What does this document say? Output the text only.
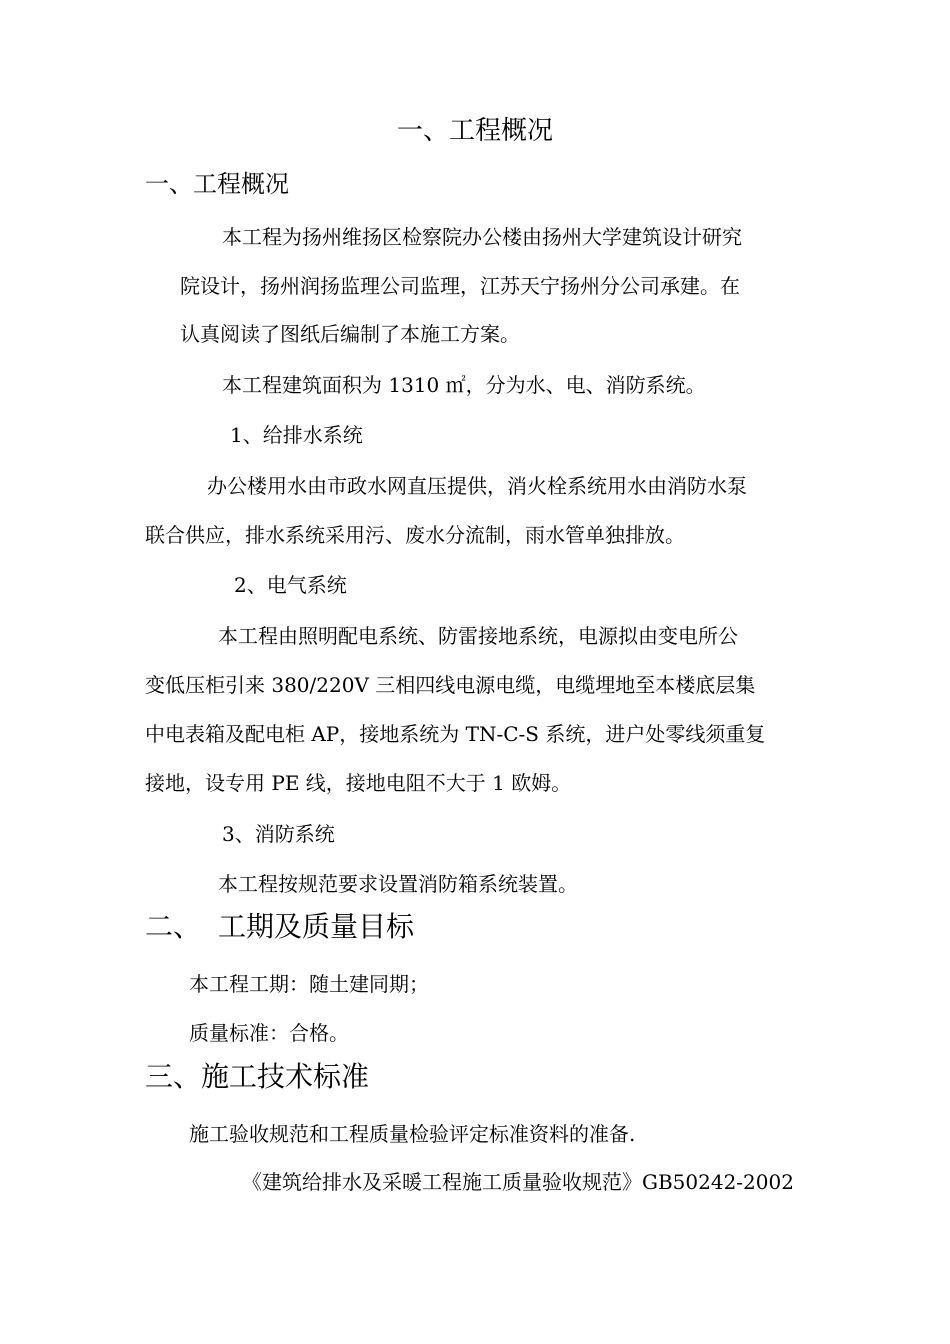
一、工程概况
一、工程概况
本工程为扬州维扬区检察院办公楼由扬州大学建筑设计研究
院设计，扬州润扬监理公司监理，江苏天宁扬州分公司承建。在
认真阅读了图纸后编制了本施工方案。
本工程建筑面积为 1310 ㎡，分为水、电、消防系统。
1、给排水系统
办公楼用水由市政水网直压提供，消火栓系统用水由消防水泵
联合供应，排水系统采用污、废水分流制，雨水管单独排放。
2、电气系统
本工程由照明配电系统、防雷接地系统，电源拟由变电所公
变低压柜引来 380/220V 三相四线电源电缆，电缆埋地至本楼底层集
中电表箱及配电柜 AP，接地系统为 TN-C-S 系统，进户处零线须重复
接地，设专用 PE 线，接地电阻不大于 1 欧姆。
3、消防系统
本工程按规范要求设置消防箱系统装置。
二、 工期及质量目标
本工程工期：随土建同期；
质量标准：合格。
三、施工技术标准
施工验收规范和工程质量检验评定标准资料的准备.
《建筑给排水及采暖工程施工质量验收规范》GB50242-2002
